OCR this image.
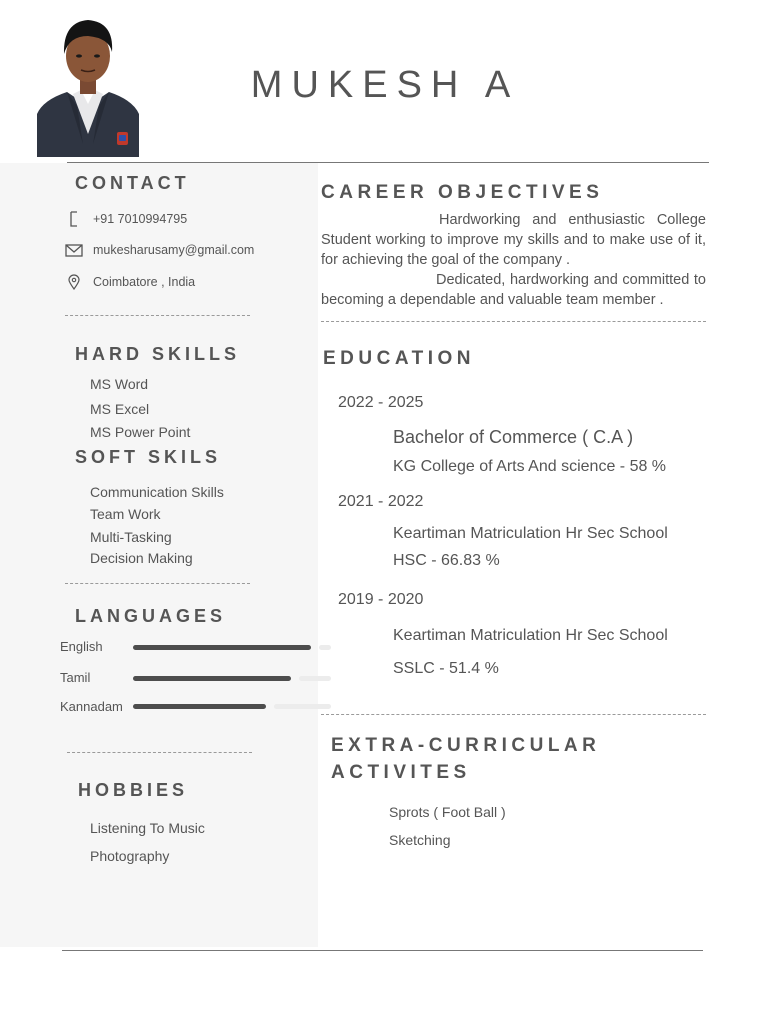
MUKESH A
CONTACT
+91 7010994795
mukesharusamy@gmail.com
Coimbatore , India
HARD SKILLS
MS Word
MS Excel
MS Power Point
SOFT SKILS
Communication Skills
Team Work
Multi-Tasking
Decision Making
LANGUAGES
English
Tamil
Kannadam
HOBBIES
Listening To Music
Photography
CAREER OBJECTIVES

Hardworking and enthusiastic College Student working to improve my skills and to make use of it, for achieving the goal of the company .

Dedicated, hardworking and committed to becoming a dependable and valuable team member .

EDUCATION
2022 - 2025
Bachelor of Commerce ( C.A )
KG College of Arts And science - 58 %
2021 - 2022
Keartiman Matriculation Hr Sec School
HSC - 66.83 %
2019 - 2020
Keartiman Matriculation Hr Sec School
SSLC - 51.4 %
EXTRA-CURRICULAR
ACTIVITES
Sprots ( Foot Ball )
Sketching
